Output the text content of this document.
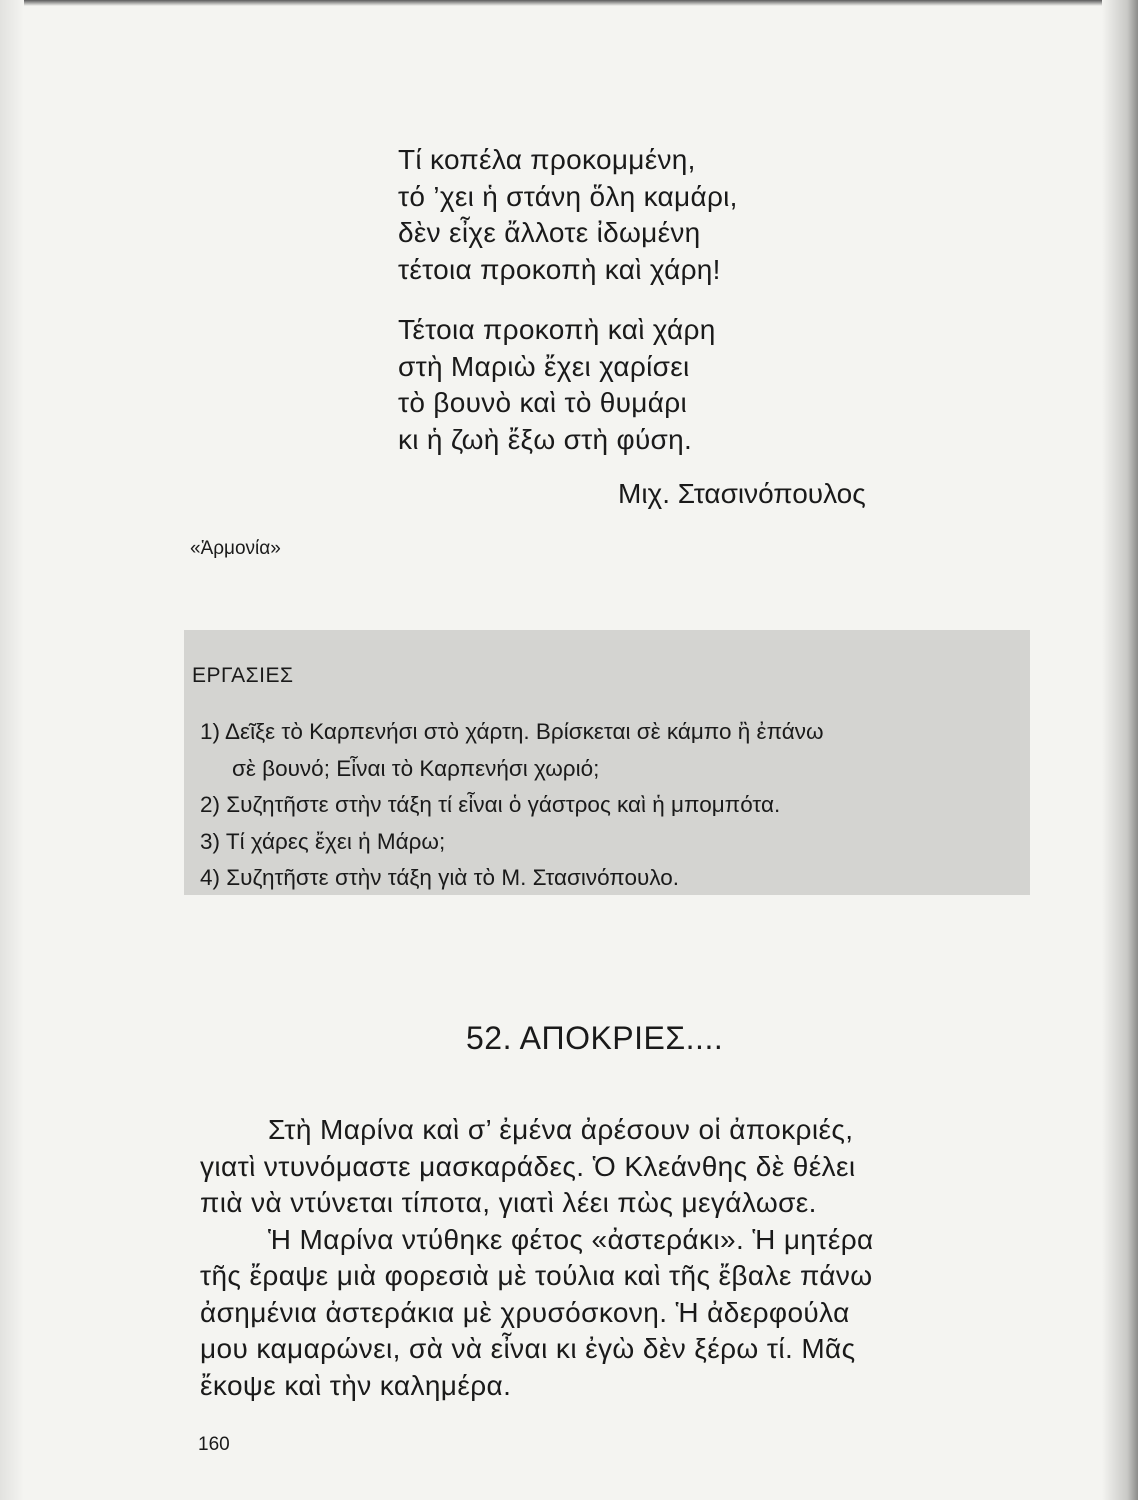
Τί κοπέλα προκομμένη,
τό ’χει ἡ στάνη ὅλη καμάρι,
δὲν εἶχε ἄλλοτε ἰδωμένη
τέτοια προκοπὴ καὶ χάρη!
Τέτοια προκοπὴ καὶ χάρη
στὴ Μαριὼ ἔχει χαρίσει
τὸ βουνὸ καὶ τὸ θυμάρι
κι ἡ ζωὴ ἔξω στὴ φύση.
Μιχ. Στασινόπουλος
«Ἁρμονία»
ΕΡΓΑΣΙΕΣ
1) Δεῖξε τὸ Καρπενήσι στὸ χάρτη. Βρίσκεται σὲ κάμπο ἢ ἐπάνω
σὲ βουνό; Εἶναι τὸ Καρπενήσι χωριό;
2) Συζητῆστε στὴν τάξη τί εἶναι ὁ γάστρος καὶ ἡ μπομπότα.
3) Τί χάρες ἔχει ἡ Μάρω;
4) Συζητῆστε στὴν τάξη γιὰ τὸ Μ. Στασινόπουλο.
52. ΑΠΟΚΡΙΕΣ....
Στὴ Μαρίνα καὶ σ’ ἐμένα ἀρέσουν οἱ ἀποκριές,
γιατὶ ντυνόμαστε μασκαράδες. Ὁ Κλεάνθης δὲ θέλει
πιὰ νὰ ντύνεται τίποτα, γιατὶ λέει πὼς μεγάλωσε.
Ἡ Μαρίνα ντύθηκε φέτος «ἀστεράκι». Ἡ μητέρα
τῆς ἔραψε μιὰ φορεσιὰ μὲ τούλια καὶ τῆς ἔβαλε πάνω
ἀσημένια ἀστεράκια μὲ χρυσόσκονη. Ἡ ἀδερφούλα
μου καμαρώνει, σὰ νὰ εἶναι κι ἐγὼ δὲν ξέρω τί. Μᾶς
ἔκοψε καὶ τὴν καλημέρα.
160
